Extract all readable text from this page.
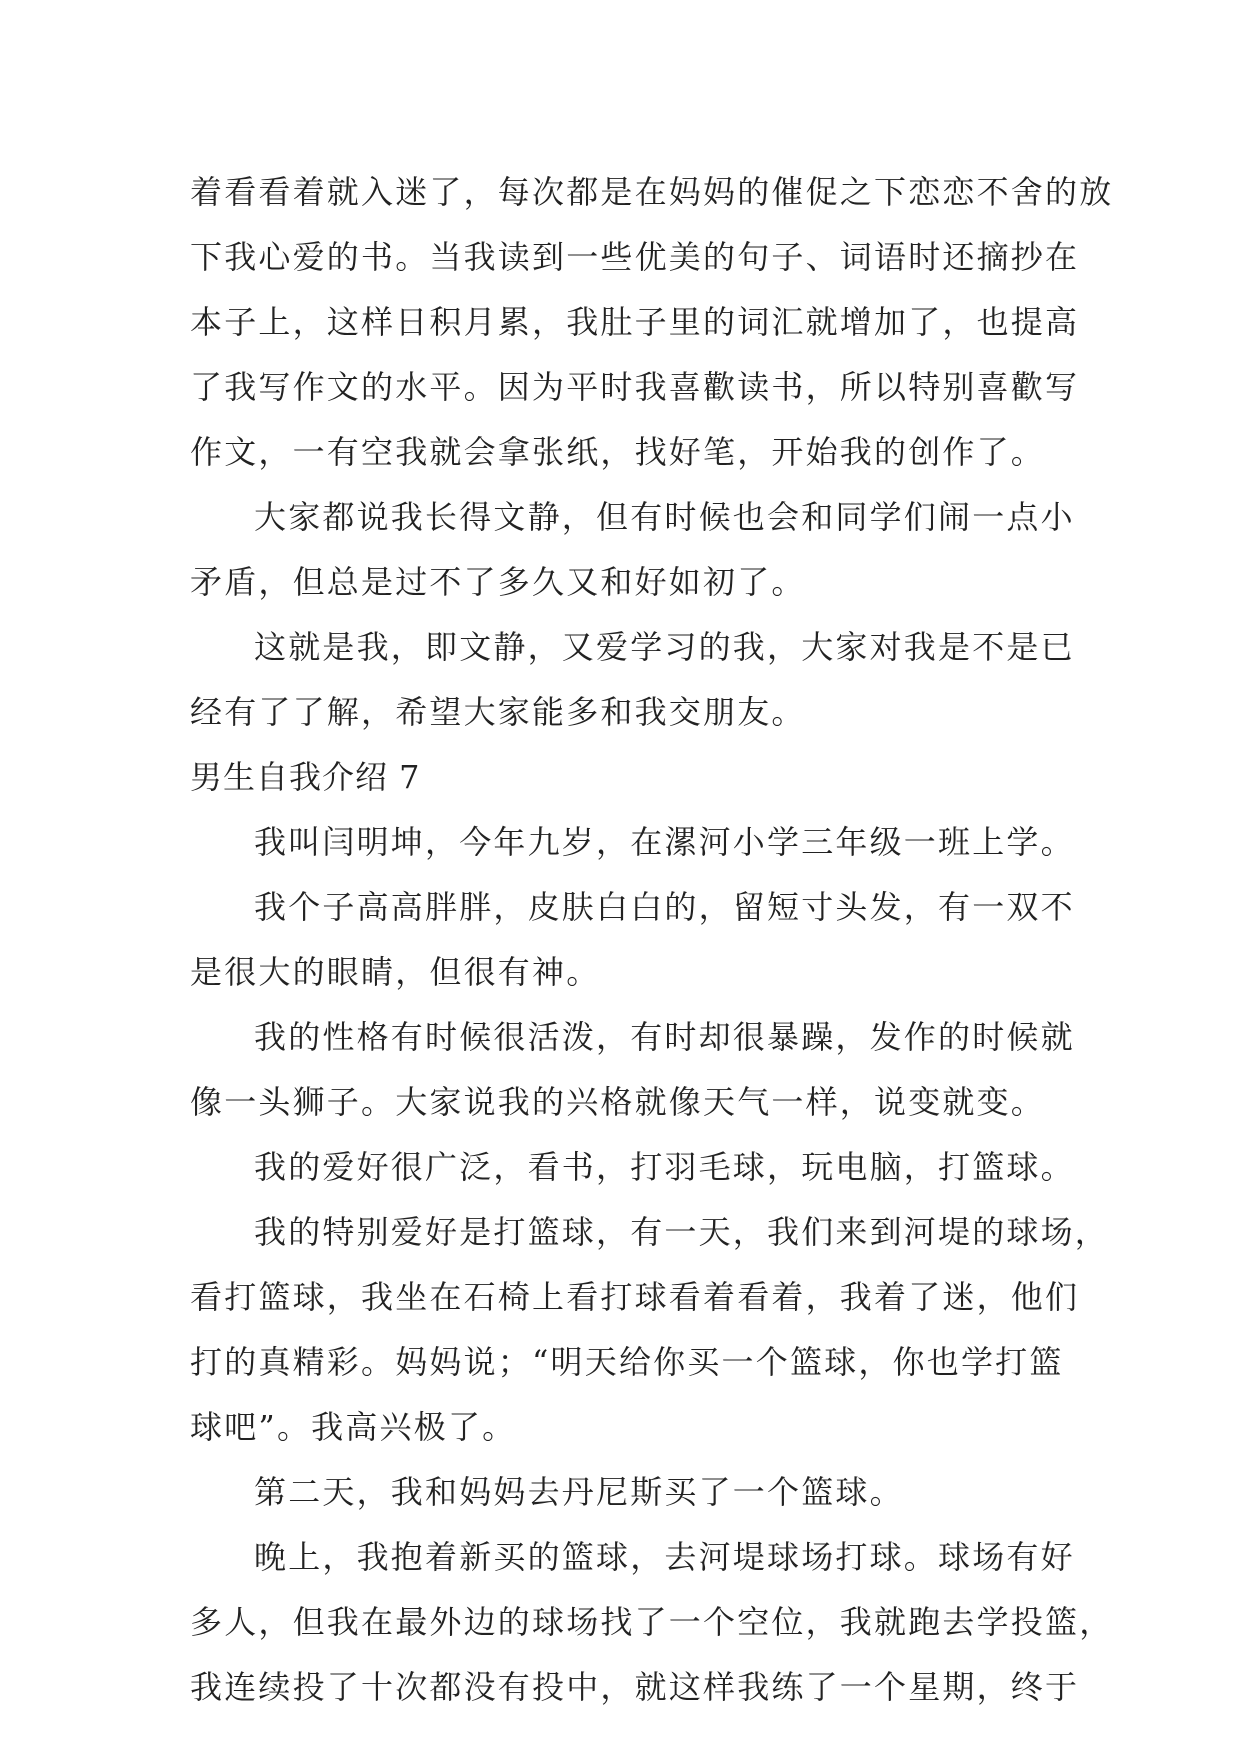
着看看着就入迷了，每次都是在妈妈的催促之下恋恋不舍的放

下我心爱的书。当我读到一些优美的句子、词语时还摘抄在

本子上，这样日积月累，我肚子里的词汇就增加了，也提高

了我写作文的水平。因为平时我喜歡读书，所以特别喜歡写

作文，一有空我就会拿张纸，找好笔，开始我的创作了。

大家都说我长得文静，但有时候也会和同学们闹一点小

矛盾，但总是过不了多久又和好如初了。

这就是我，即文静，又爱学习的我，大家对我是不是已

经有了了解，希望大家能多和我交朋友。

男生自我介绍 7

我叫闫明坤，今年九岁，在漯河小学三年级一班上学。

我个子高高胖胖，皮肤白白的，留短寸头发，有一双不

是很大的眼睛，但很有神。

我的性格有时候很活泼，有时却很暴躁，发作的时候就

像一头狮子。大家说我的兴格就像天气一样，说变就变。

我的爱好很广泛，看书，打羽毛球，玩电脑，打篮球。

我的特别爱好是打篮球，有一天，我们来到河堤的球场，

看打篮球，我坐在石椅上看打球看着看着，我着了迷，他们

打的真精彩。妈妈说；“明天给你买一个篮球，你也学打篮

球吧”。我高兴极了。

第二天，我和妈妈去丹尼斯买了一个篮球。

晚上，我抱着新买的篮球，去河堤球场打球。球场有好

多人，但我在最外边的球场找了一个空位，我就跑去学投篮，

我连续投了十次都没有投中，就这样我练了一个星期，终于
